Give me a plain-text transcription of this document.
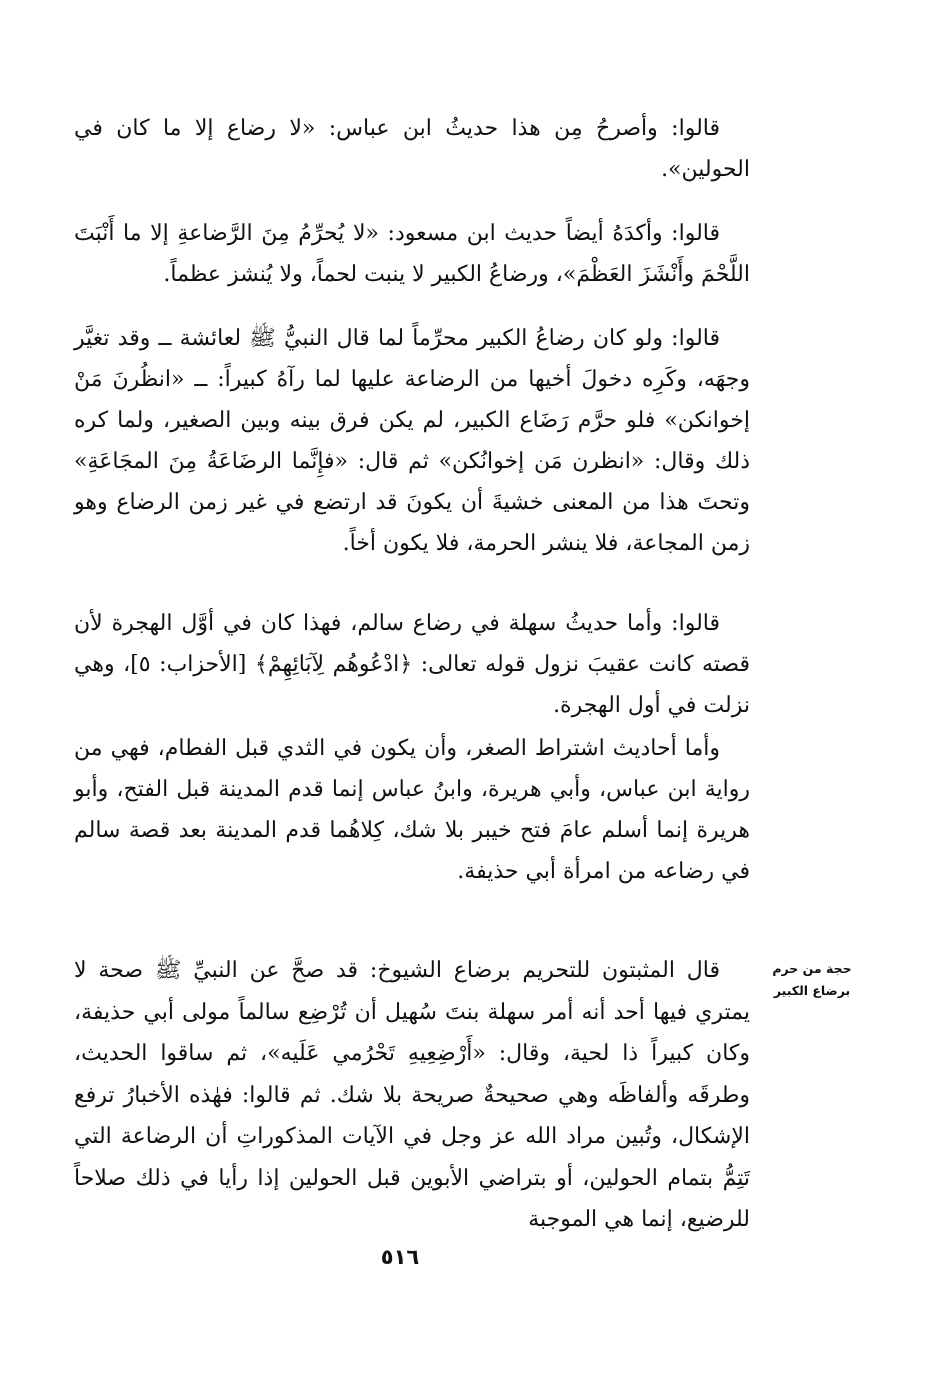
قالوا: وأصرحُ مِن هذا حديثُ ابن عباس: «لا رضاع إلا ما كان في الحولين».

قالوا: وأكدَهُ أيضاً حديث ابن مسعود: «لا يُحرِّمُ مِنَ الرَّضاعةِ إلا ما أَنْبَتَ اللَّحْمَ وأَنْشَزَ العَظْمَ»، ورضاعُ الكبير لا ينبت لحماً، ولا يُنشز عظماً.

قالوا: ولو كان رضاعُ الكبير محرِّماً لما قال النبيُّ ﷺ لعائشة ــ وقد تغيَّر وجهَه، وكَرِه دخولَ أخيها من الرضاعة عليها لما رآهُ كبيراً: ــ «انظُرنَ مَنْ إخوانكن» فلو حرَّم رَضَاع الكبير، لم يكن فرق بينه وبين الصغير، ولما كره ذلك وقال: «انظرن مَن إخوانُكن» ثم قال: «فإِنَّما الرضَاعَةُ مِنَ المجَاعَةِ» وتحتَ هذا من المعنى خشيةَ أن يكونَ قد ارتضع في غير زمن الرضاع وهو زمن المجاعة، فلا ينشر الحرمة، فلا يكون أخاً.

قالوا: وأما حديثُ سهلة في رضاع سالم، فهذا كان في أوَّل الهجرة لأن قصته كانت عقيبَ نزول قوله تعالى: ﴿ادْعُوهُم لِآبَائِهِمْ﴾ [الأحزاب: ٥]، وهي نزلت في أول الهجرة.

وأما أحاديث اشتراط الصغر، وأن يكون في الثدي قبل الفطام، فهي من رواية ابن عباس، وأبي هريرة، وابنُ عباس إنما قدم المدينة قبل الفتح، وأبو هريرة إنما أسلم عامَ فتح خيبر بلا شك، كِلاهُما قدم المدينة بعد قصة سالم في رضاعه من امرأة أبي حذيفة.

قال المثبتون للتحريم برضاع الشيوخ: قد صحَّ عن النبيِّ ﷺ صحة لا يمتري فيها أحد أنه أمر سهلة بنتَ سُهيل أن تُرْضِع سالماً مولى أبي حذيفة، وكان كبيراً ذا لحية، وقال: «أَرْضِعِيهِ تَحْرُمي عَلَيه»، ثم ساقوا الحديث، وطرقَه وألفاظَه وهي صحيحةٌ صريحة بلا شك. ثم قالوا: فهٰذه الأخبارُ ترفع الإشكال، وتُبين مراد الله عز وجل في الآيات المذكوراتِ أن الرضاعة التي تَتِمُّ بتمام الحولين، أو بتراضي الأبوين قبل الحولين إذا رأيا في ذلك صلاحاً للرضيع، إنما هي الموجبة

حجة من حرم برضاع الكبير
٥١٦
